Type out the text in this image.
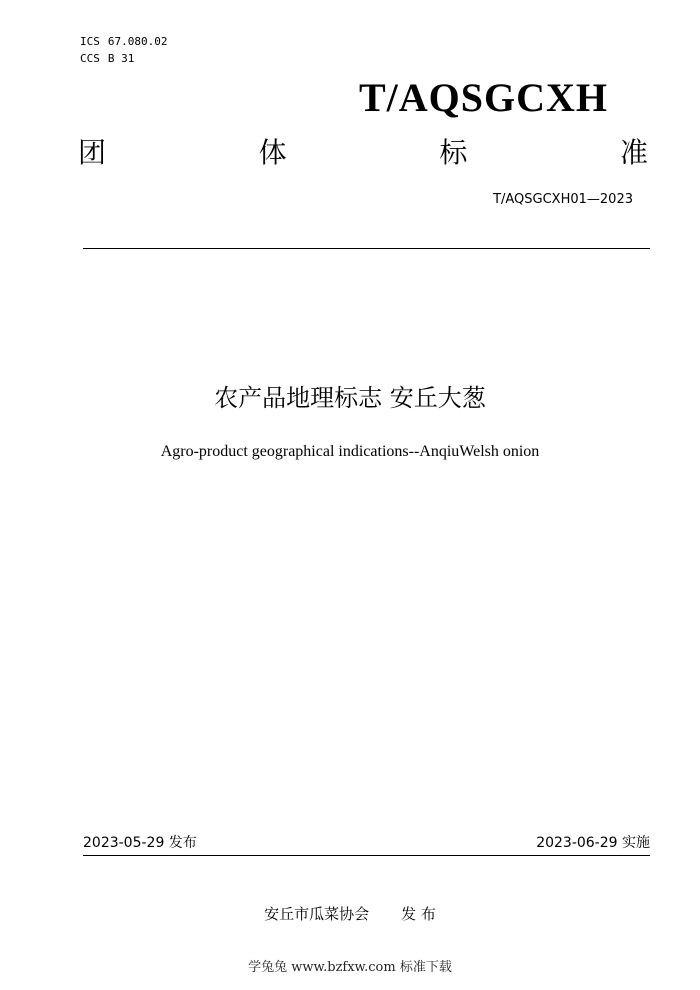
ICS 67.080.02
CCS B 31
T/AQSGCXH
团	体	标	准
T/AQSGCXH01—2023
农产品地理标志 安丘大葱
Agro-product geographical indications--AnqiuWelsh onion
2023-05-29 发布	2023-06-29 实施
安丘市瓜菜协会 发 布
学兔兔 www.bzfxw.com 标准下载
